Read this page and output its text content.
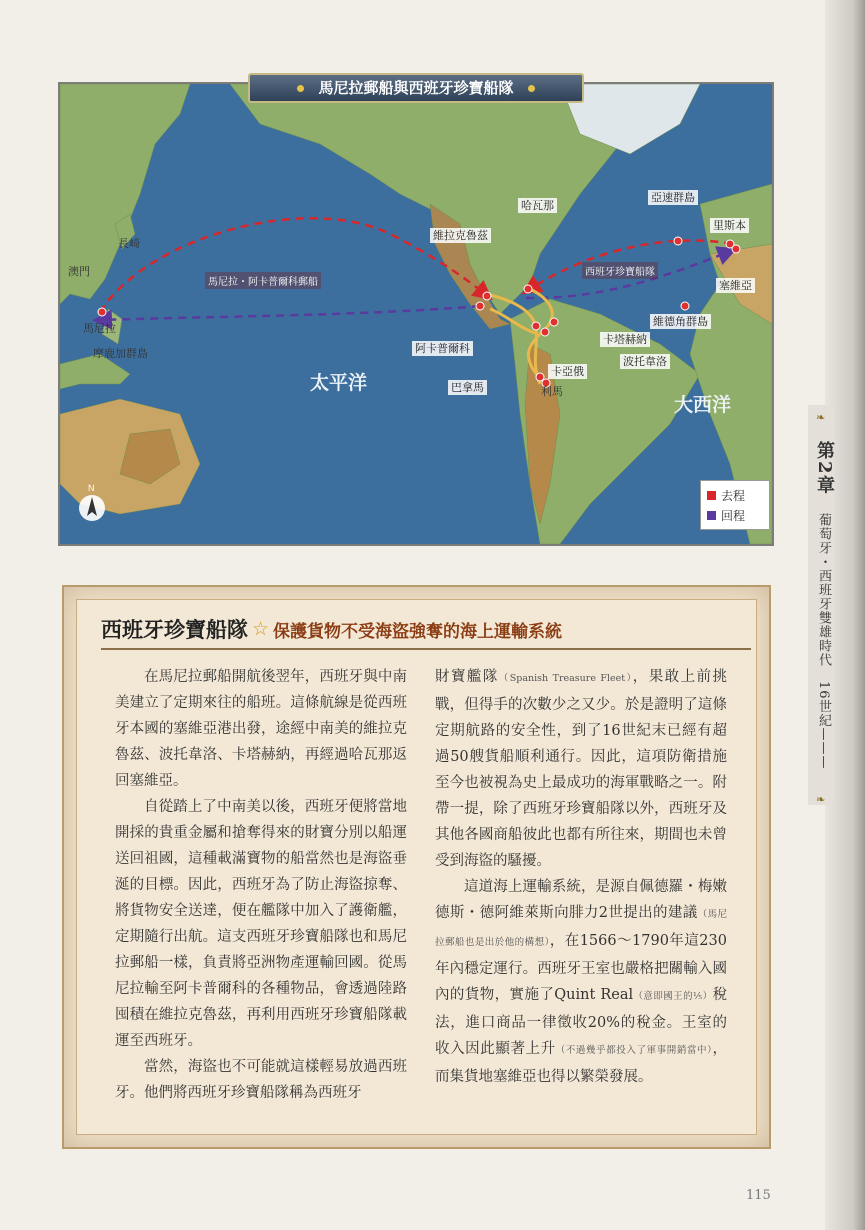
馬尼拉郵船與西班牙珍寶船隊
長崎
澳門
馬尼拉
摩鹿加群島
維拉克魯茲
哈瓦那
亞速群島
里斯本
塞維亞
維德角群島
阿卡普爾科
卡塔赫納
波托韋洛
巴拿馬
卡亞俄
利馬
太平洋
大西洋
馬尼拉・阿卡普爾科郵船
西班牙珍寶船隊
N
去程
回程
❧
第2章
葡萄牙・西班牙雙雄時代　16世紀———
❧
西班牙珍寶船隊 ☆ 保護貨物不受海盜強奪的海上運輸系統

在馬尼拉郵船開航後翌年，西班牙與中南美建立了定期來往的船班。這條航線是從西班牙本國的塞維亞港出發，途經中南美的維拉克魯茲、波托韋洛、卡塔赫納，再經過哈瓦那返回塞維亞。

自從踏上了中南美以後，西班牙便將當地開採的貴重金屬和搶奪得來的財寶分別以船運送回祖國，這種載滿寶物的船當然也是海盜垂涎的目標。因此，西班牙為了防止海盜掠奪、將貨物安全送達，便在艦隊中加入了護衛艦，定期隨行出航。這支西班牙珍寶船隊也和馬尼拉郵船一樣，負責將亞洲物產運輸回國。從馬尼拉輸至阿卡普爾科的各種物品，會透過陸路囤積在維拉克魯茲，再利用西班牙珍寶船隊載運至西班牙。

當然，海盜也不可能就這樣輕易放過西班牙。他們將西班牙珍寶船隊稱為西班牙

財寶艦隊（Spanish Treasure Fleet），果敢上前挑戰，但得手的次數少之又少。於是證明了這條定期航路的安全性，到了16世紀末已經有超過50艘貨船順利通行。因此，這項防衛措施至今也被視為史上最成功的海軍戰略之一。附帶一提，除了西班牙珍寶船隊以外，西班牙及其他各國商船彼此也都有所往來，期間也未曾受到海盜的騷擾。

這道海上運輸系統，是源自佩德羅・梅嫩德斯・德阿維萊斯向腓力2世提出的建議（馬尼拉郵船也是出於他的構想），在1566～1790年這230年內穩定運行。西班牙王室也嚴格把關輸入國內的貨物，實施了Quint Real（意即國王的⅕）稅法，進口商品一律徵收20%的稅金。王室的收入因此顯著上升（不過幾乎都投入了軍事開銷當中），而集貨地塞維亞也得以繁榮發展。

115
